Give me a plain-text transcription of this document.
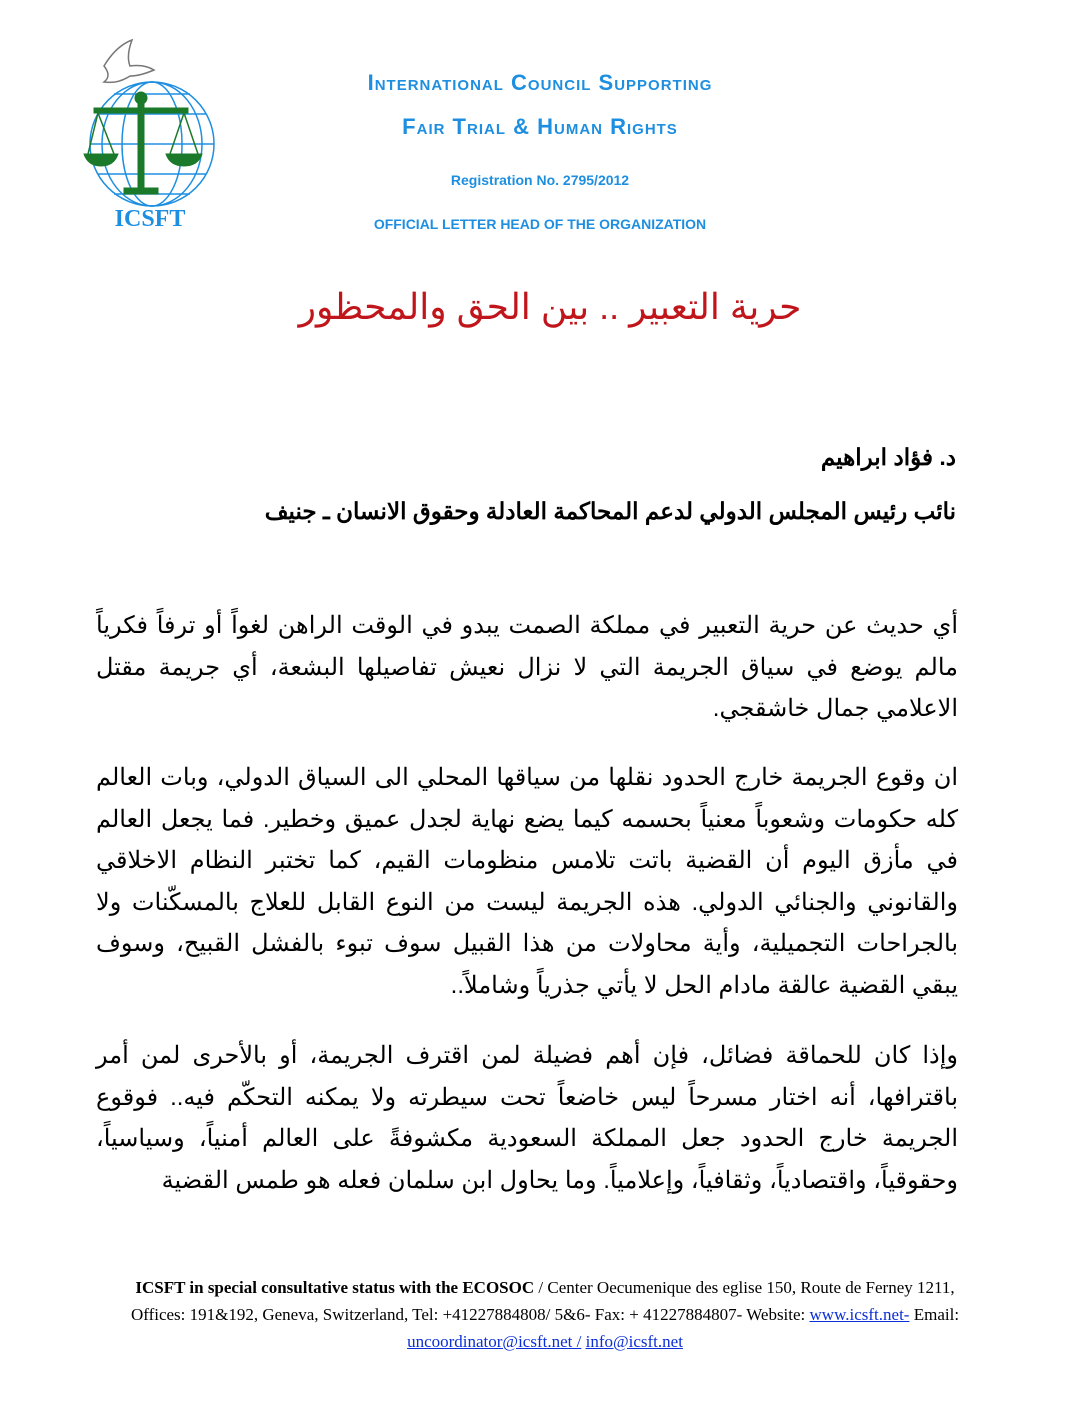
ICSFT
International Council Supporting
Fair Trial & Human Rights
Registration No. 2795/2012
OFFICIAL LETTER HEAD OF THE ORGANIZATION
حرية التعبير .. بين الحق والمحظور
د. فؤاد ابراهيم
نائب رئيس المجلس الدولي لدعم المحاكمة العادلة وحقوق الانسان ـ جنيف
أي حديث عن حرية التعبير في مملكة الصمت يبدو في الوقت الراهن لغواً أو ترفاً فكرياً مالم يوضع في سياق الجريمة التي لا نزال نعيش تفاصيلها البشعة، أي جريمة مقتل الاعلامي جمال خاشقجي.
ان وقوع الجريمة خارج الحدود نقلها من سياقها المحلي الى السياق الدولي، وبات العالم كله حكومات وشعوباً معنياً بحسمه كيما يضع نهاية لجدل عميق وخطير. فما يجعل العالم في مأزق اليوم أن القضية باتت تلامس منظومات القيم، كما تختبر النظام الاخلاقي والقانوني والجنائي الدولي. هذه الجريمة ليست من النوع القابل للعلاج بالمسكّنات ولا بالجراحات التجميلية، وأية محاولات من هذا القبيل سوف تبوء بالفشل القبيح، وسوف يبقي القضية عالقة مادام الحل لا يأتي جذرياً وشاملاً..
وإذا كان للحماقة فضائل، فإن أهم فضيلة لمن اقترف الجريمة، أو بالأحرى لمن أمر باقترافها، أنه اختار مسرحاً ليس خاضعاً تحت سيطرته ولا يمكنه التحكّم فيه.. فوقوع الجريمة خارج الحدود جعل المملكة السعودية مكشوفةً على العالم أمنياً، وسياسياً، وحقوقياً، واقتصادياً، وثقافياً، وإعلامياً. وما يحاول ابن سلمان فعله هو طمس القضية
ICSFT in special consultative status with the ECOSOC / Center Oecumenique des eglise 150, Route de Ferney 1211, Offices: 191&192, Geneva, Switzerland, Tel: +41227884808/ 5&6- Fax: + 41227884807- Website: www.icsft.net- Email: uncoordinator@icsft.net / info@icsft.net
